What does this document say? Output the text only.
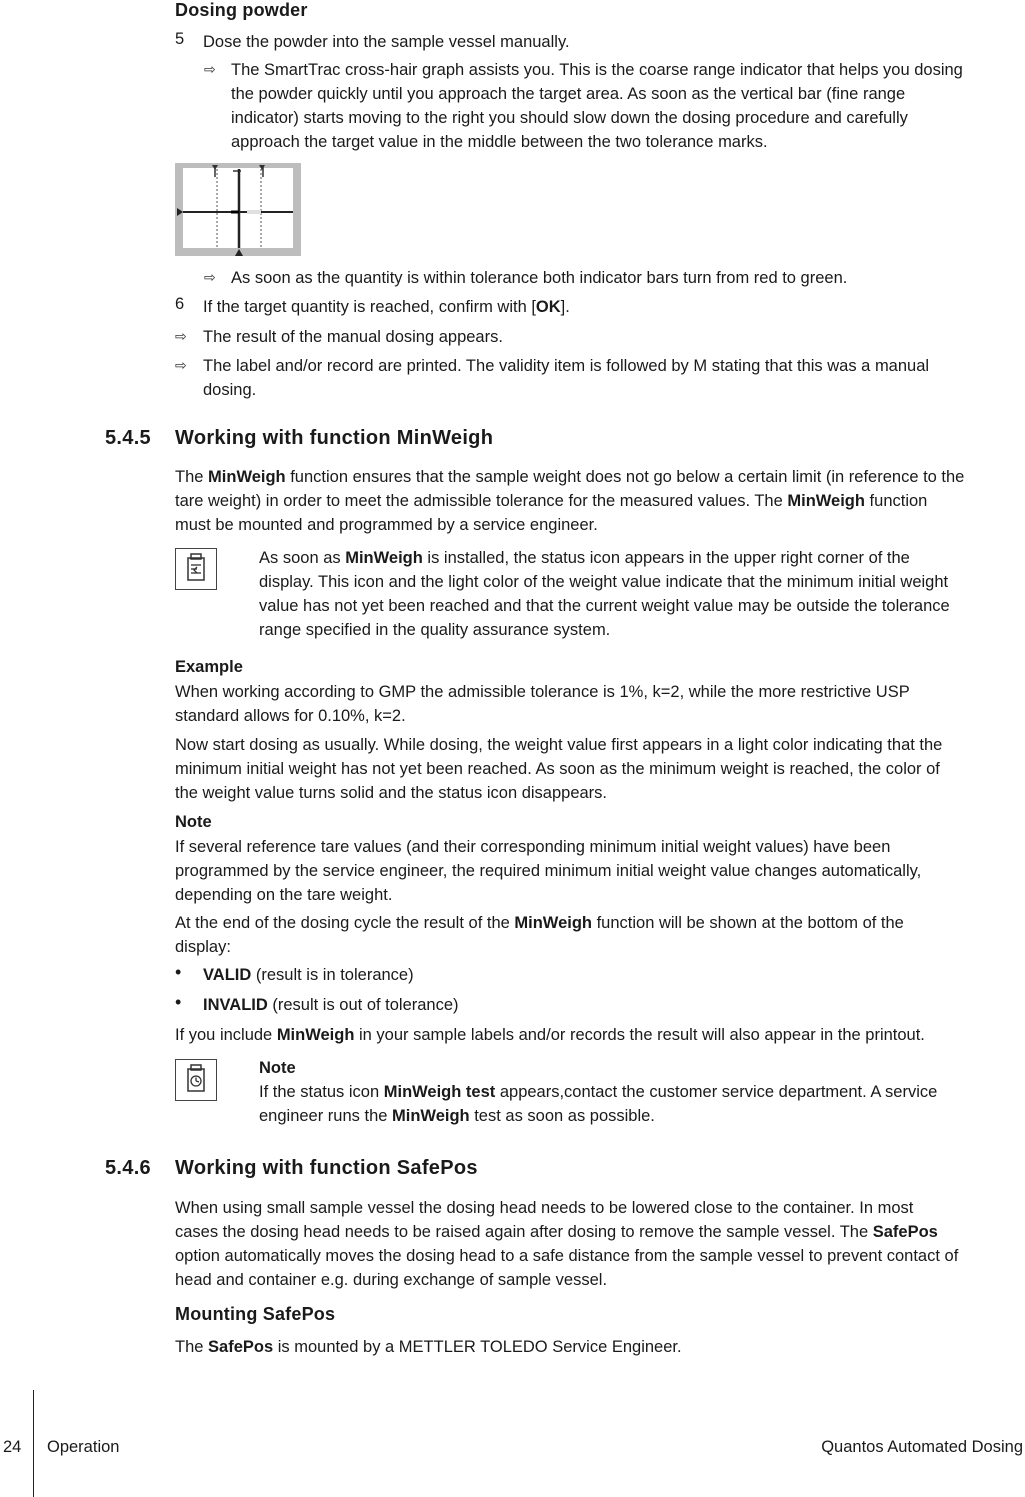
Dosing powder
5 Dose the powder into the sample vessel manually.
⇨ The SmartTrac cross-hair graph assists you. This is the coarse range indicator that helps you dosing

the powder quickly until you approach the target area. As soon as the vertical bar (fine range

indicator) starts moving to the right you should slow down the dosing procedure and carefully

approach the target value in the middle between the two tolerance marks.

⇨ As soon as the quantity is within tolerance both indicator bars turn from red to green.
6 If the target quantity is reached, confirm with [OK].
⇨ The result of the manual dosing appears.
⇨ The label and/or record are printed. The validity item is followed by M stating that this was a manual

dosing.

5.4.5 Working with function MinWeigh

The MinWeigh function ensures that the sample weight does not go below a certain limit (in reference to the

tare weight) in order to meet the admissible tolerance for the measured values. The MinWeigh function

must be mounted and programmed by a service engineer.

As soon as MinWeigh is installed, the status icon appears in the upper right corner of the

display. This icon and the light color of the weight value indicate that the minimum initial weight

value has not yet been reached and that the current weight value may be outside the tolerance

range specified in the quality assurance system.

Example

When working according to GMP the admissible tolerance is 1%, k=2, while the more restrictive USP

standard allows for 0.10%, k=2.

Now start dosing as usually. While dosing, the weight value first appears in a light color indicating that the

minimum initial weight has not yet been reached. As soon as the minimum weight is reached, the color of

the weight value turns solid and the status icon disappears.

Note

If several reference tare values (and their corresponding minimum initial weight values) have been

programmed by the service engineer, the required minimum initial weight value changes automatically,

depending on the tare weight.

At the end of the dosing cycle the result of the MinWeigh function will be shown at the bottom of the

display:

• VALID (result is in tolerance)
• INVALID (result is out of tolerance)
If you include MinWeigh in your sample labels and/or records the result will also appear in the printout.

Note

If the status icon MinWeigh test appears,contact the customer service department. A service

engineer runs the MinWeigh test as soon as possible.

5.4.6 Working with function SafePos

When using small sample vessel the dosing head needs to be lowered close to the container. In most

cases the dosing head needs to be raised again after dosing to remove the sample vessel. The SafePos

option automatically moves the dosing head to a safe distance from the sample vessel to prevent contact of

head and container e.g. during exchange of sample vessel.

Mounting SafePos
The SafePos is mounted by a METTLER TOLEDO Service Engineer.
24 Operation	Quantos Automated Dosing
